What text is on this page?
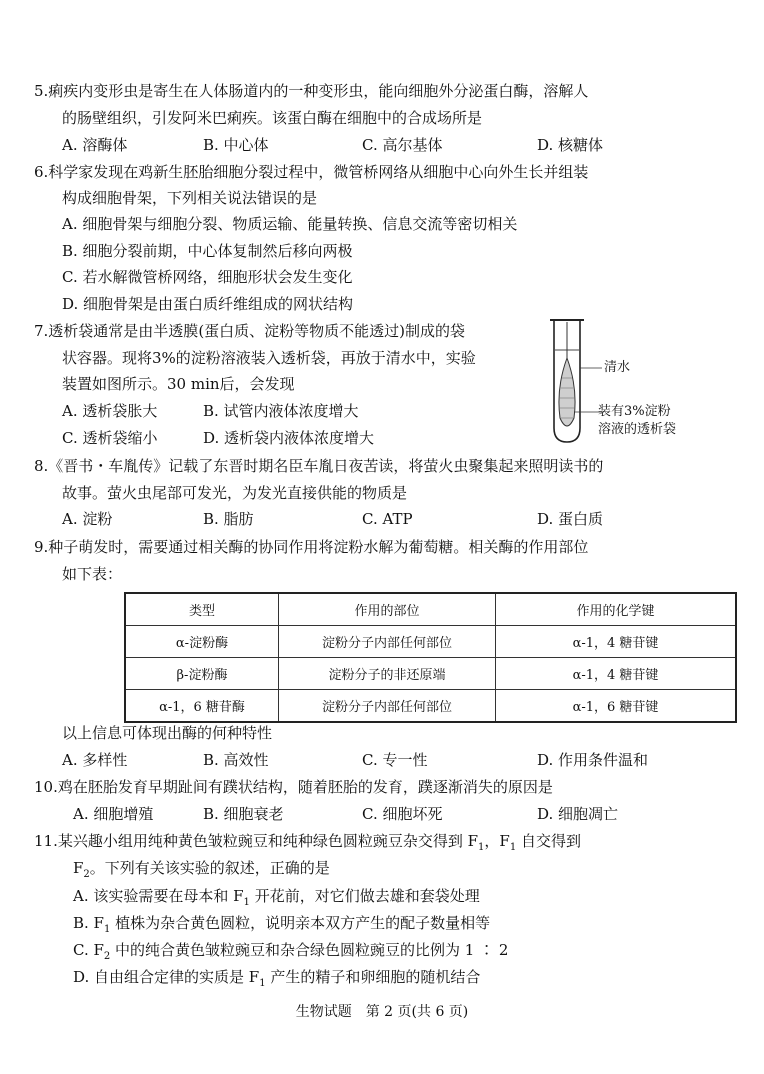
5.痢疾内变形虫是寄生在人体肠道内的一种变形虫，能向细胞外分泌蛋白酶，溶解人
的肠壁组织，引发阿米巴痢疾。该蛋白酶在细胞中的合成场所是
A. 溶酶体	B. 中心体	C. 高尔基体	D. 核糖体
6.科学家发现在鸡新生胚胎细胞分裂过程中，微管桥网络从细胞中心向外生长并组装
构成细胞骨架，下列相关说法错误的是
A. 细胞骨架与细胞分裂、物质运输、能量转换、信息交流等密切相关
B. 细胞分裂前期，中心体复制然后移向两极
C. 若水解微管桥网络，细胞形状会发生变化
D. 细胞骨架是由蛋白质纤维组成的网状结构
7.透析袋通常是由半透膜(蛋白质、淀粉等物质不能透过)制成的袋
状容器。现将3%的淀粉溶液装入透析袋，再放于清水中，实验
装置如图所示。30 min后，会发现
A. 透析袋胀大	B. 试管内液体浓度增大
C. 透析袋缩小	D. 透析袋内液体浓度增大
清水
装有3%淀粉
溶液的透析袋
8.《晋书・车胤传》记载了东晋时期名臣车胤日夜苦读，将萤火虫聚集起来照明读书的
故事。萤火虫尾部可发光，为发光直接供能的物质是
A. 淀粉	B. 脂肪	C. ATP	D. 蛋白质
9.种子萌发时，需要通过相关酶的协同作用将淀粉水解为葡萄糖。相关酶的作用部位
如下表：
类型	作用的部位	作用的化学键
α-淀粉酶	淀粉分子内部任何部位	α-1，4 糖苷键
β-淀粉酶	淀粉分子的非还原端	α-1，4 糖苷键
α-1，6 糖苷酶	淀粉分子内部任何部位	α-1，6 糖苷键
以上信息可体现出酶的何种特性
A. 多样性	B. 高效性	C. 专一性	D. 作用条件温和
10.鸡在胚胎发育早期趾间有蹼状结构，随着胚胎的发育，蹼逐渐消失的原因是
A. 细胞增殖	B. 细胞衰老	C. 细胞坏死	D. 细胞凋亡
11.某兴趣小组用纯种黄色皱粒豌豆和纯种绿色圆粒豌豆杂交得到 $F_1$，$F_1$ 自交得到
$F_2$。下列有关该实验的叙述，正确的是
A. 该实验需要在母本和 $F_1$ 开花前，对它们做去雄和套袋处理
B. $F_1$ 植株为杂合黄色圆粒，说明亲本双方产生的配子数量相等
C. $F_2$ 中的纯合黄色皱粒豌豆和杂合绿色圆粒豌豆的比例为 1 ∶ 2
D. 自由组合定律的实质是 $F_1$ 产生的精子和卵细胞的随机结合
生物试题　第 2 页(共 6 页)
